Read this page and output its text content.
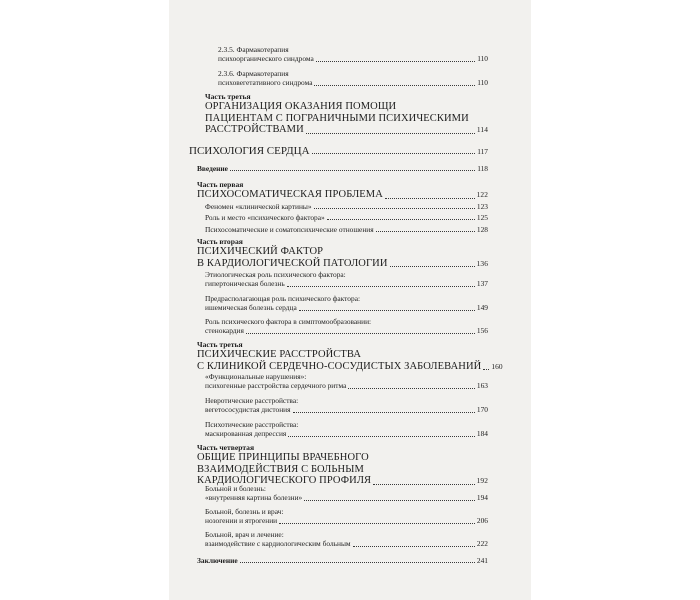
2.3.5. Фармакотерапия
психоорганического синдрома	110
2.3.6. Фармакотерапия
психовегетативного синдрома	110
Часть третья
ОРГАНИЗАЦИЯ ОКАЗАНИЯ ПОМОЩИ
ПАЦИЕНТАМ С ПОГРАНИЧНЫМИ ПСИХИЧЕСКИМИ
РАССТРОЙСТВАМИ	114
ПСИХОЛОГИЯ СЕРДЦА	117
Введение	118
Часть первая
ПСИХОСОМАТИЧЕСКАЯ ПРОБЛЕМА	122
Феномен «клинической картины»	123
Роль и место «психического фактора»	125
Психосоматические и соматопсихические отношения	128
Часть вторая
ПСИХИЧЕСКИЙ ФАКТОР
В КАРДИОЛОГИЧЕСКОЙ ПАТОЛОГИИ	136
Этиологическая роль психического фактора:
гипертоническая болезнь	137
Предрасполагающая роль психического фактора:
ишемическая болезнь сердца	149
Роль психического фактора в симптомообразовании:
стенокардия	156
Часть третья
ПСИХИЧЕСКИЕ РАССТРОЙСТВА
С КЛИНИКОЙ СЕРДЕЧНО-СОСУДИСТЫХ ЗАБОЛЕВАНИЙ 160
«Функциональные нарушения»:
психогенные расстройства сердечного ритма	163
Невротические расстройства:
вегетососудистая дистония	170
Психотические расстройства:
маскированная депрессия	184
Часть четвертая
ОБЩИЕ ПРИНЦИПЫ ВРАЧЕБНОГО
ВЗАИМОДЕЙСТВИЯ С БОЛЬНЫМ
КАРДИОЛОГИЧЕСКОГО ПРОФИЛЯ	192
Больной и болезнь:
«внутренняя картина болезни»	194
Больной, болезнь и врач:
нозогении и ятрогении	206
Больной, врач и лечение:
взаимодействие с кардиологическим больным	222
Заключение	241
